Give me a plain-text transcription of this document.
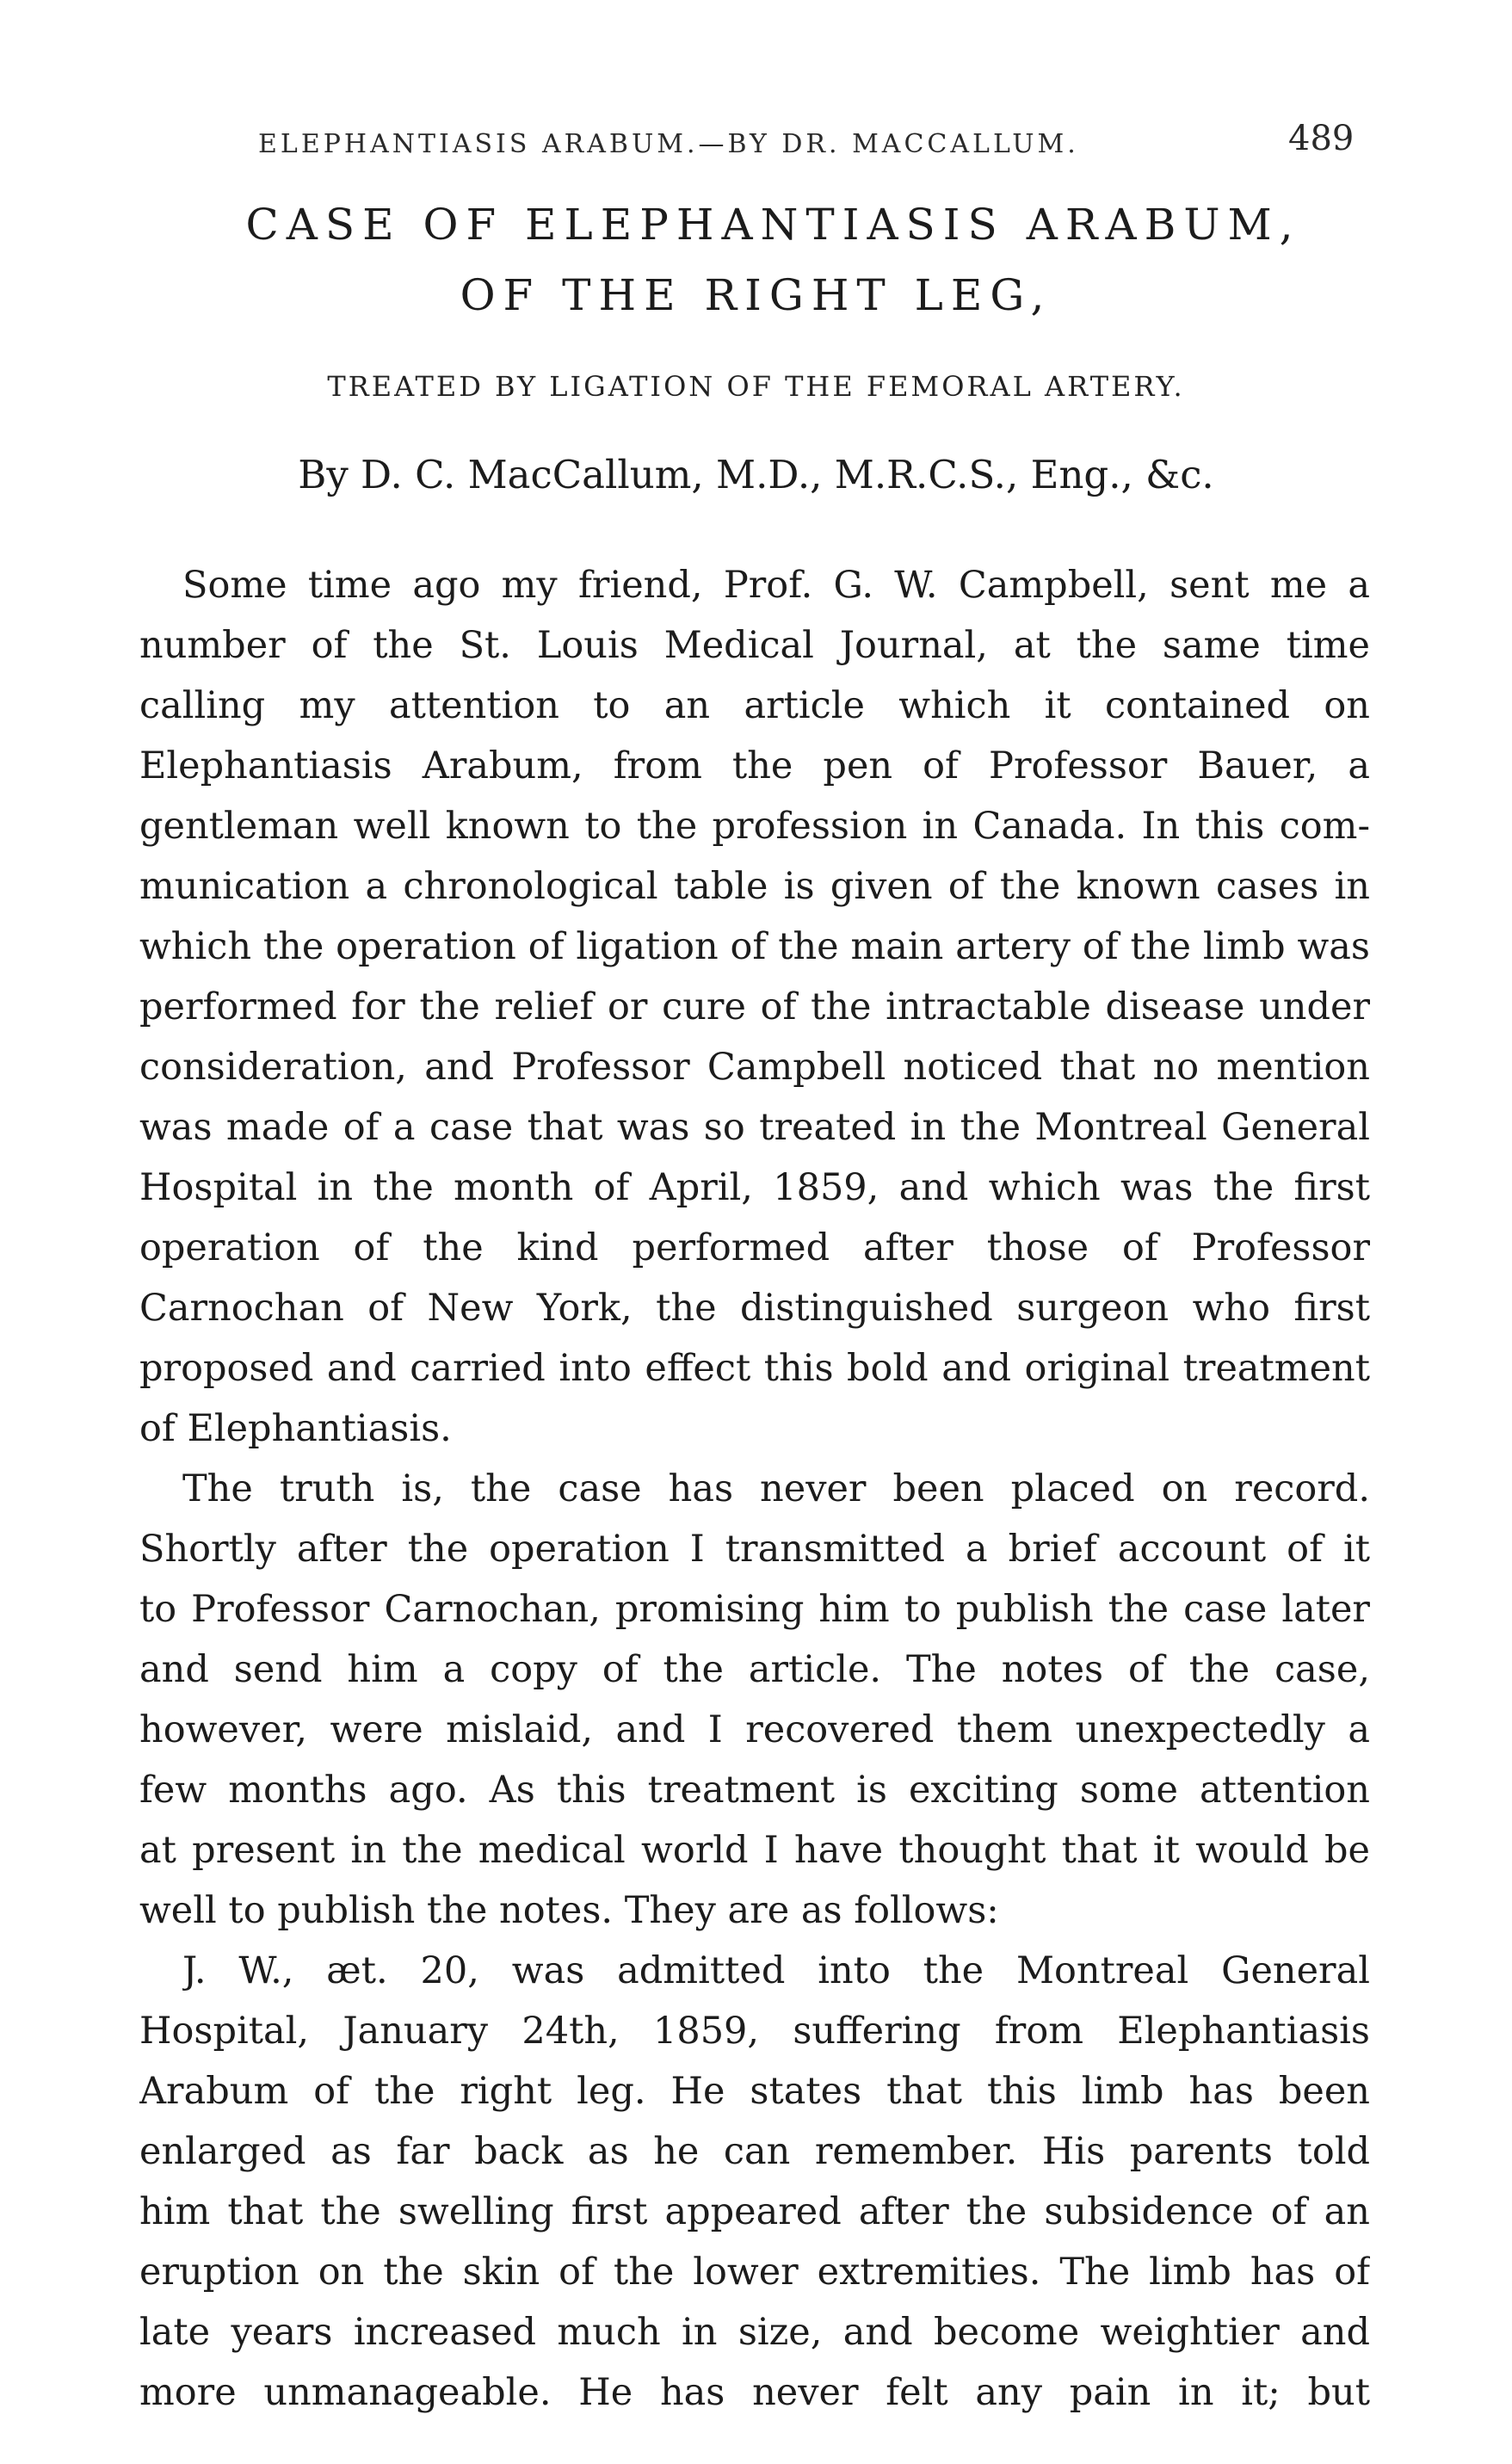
ELEPHANTIASIS ARABUM.—BY DR. MACCALLUM.	489
CASE OF ELEPHANTIASIS ARABUM,
OF THE RIGHT LEG,
TREATED BY LIGATION OF THE FEMORAL ARTERY.
By D. C. MacCallum, M.D., M.R.C.S., Eng., &c.
Some time ago my friend, Prof. G. W. Campbell, sent me a
number of the St. Louis Medical Journal, at the same time
calling my attention to an article which it contained on
Elephantiasis Arabum, from the pen of Professor Bauer, a
gentleman well known to the profession in Canada. In this com-
munication a chronological table is given of the known cases in
which the operation of ligation of the main artery of the limb was
performed for the relief or cure of the intractable disease under
consideration, and Professor Campbell noticed that no mention
was made of a case that was so treated in the Montreal General
Hospital in the month of April, 1859, and which was the first
operation of the kind performed after those of Professor
Carnochan of New York, the distinguished surgeon who first
proposed and carried into effect this bold and original treatment
of Elephantiasis.
The truth is, the case has never been placed on record.
Shortly after the operation I transmitted a brief account of it
to Professor Carnochan, promising him to publish the case later
and send him a copy of the article. The notes of the case,
however, were mislaid, and I recovered them unexpectedly a
few months ago. As this treatment is exciting some attention
at present in the medical world I have thought that it would be
well to publish the notes. They are as follows:
J. W., æt. 20, was admitted into the Montreal General
Hospital, January 24th, 1859, suffering from Elephantiasis
Arabum of the right leg. He states that this limb has been
enlarged as far back as he can remember. His parents told
him that the swelling first appeared after the subsidence of an
eruption on the skin of the lower extremities. The limb has of
late years increased much in size, and become weightier and
more unmanageable. He has never felt any pain in it; but
